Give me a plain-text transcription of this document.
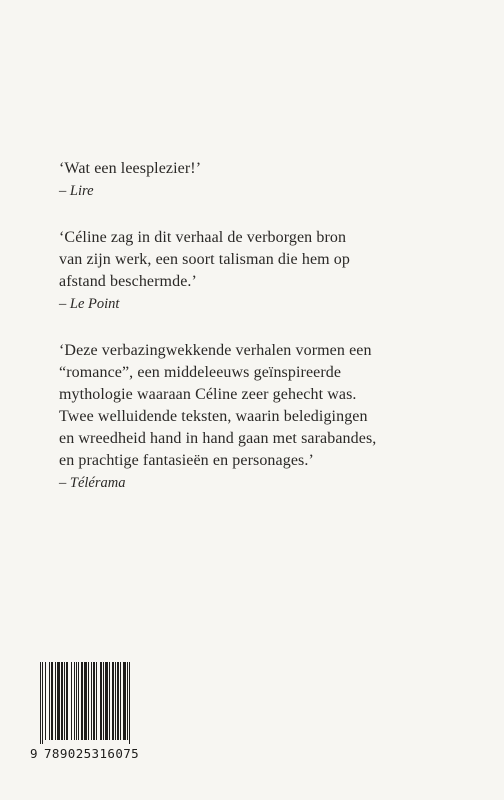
‘Wat een leesplezier!’
– Lire
‘Céline zag in dit verhaal de verborgen bron
van zijn werk, een soort talisman die hem op
afstand beschermde.’
– Le Point
‘Deze verbazingwekkende verhalen vormen een
“romance”, een middeleeuws geïnspireerde
mythologie waaraan Céline zeer gehecht was.
Twee welluidende teksten, waarin beledigingen
en wreedheid hand in hand gaan met sarabandes,
en prachtige fantasieën en personages.’
– Télérama
9 789025316075
